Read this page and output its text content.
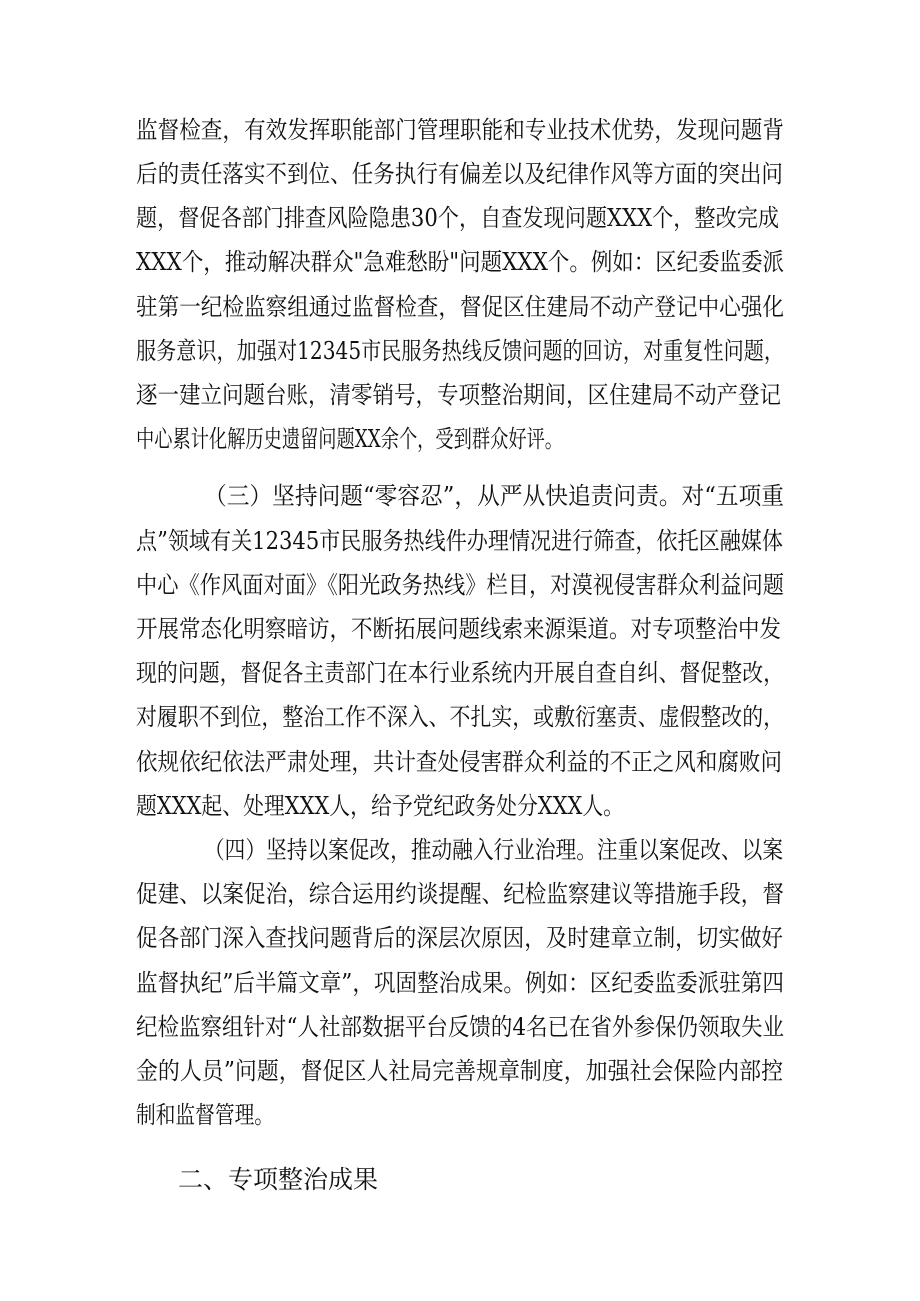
监督检查，有效发挥职能部门管理职能和专业技术优势，发现问题背
后的责任落实不到位、任务执行有偏差以及纪律作风等方面的突出问
题，督促各部门排查风险隐患30个，自查发现问题XXX个，整改完成
XXX个，推动解决群众"急难愁盼"问题XXX个。例如：区纪委监委派
驻第一纪检监察组通过监督检查，督促区住建局不动产登记中心强化
服务意识，加强对12345市民服务热线反馈问题的回访，对重复性问题，
逐一建立问题台账，清零销号，专项整治期间，区住建局不动产登记
中心累计化解历史遗留问题XX余个，受到群众好评。
（三）坚持问题“零容忍”，从严从快追责问责。对“五项重
点”领域有关12345市民服务热线件办理情况进行筛查，依托区融媒体
中心《作风面对面》《阳光政务热线》栏目，对漠视侵害群众利益问题
开展常态化明察暗访，不断拓展问题线索来源渠道。对专项整治中发
现的问题，督促各主责部门在本行业系统内开展自查自纠、督促整改，
对履职不到位，整治工作不深入、不扎实，或敷衍塞责、虚假整改的，
依规依纪依法严肃处理，共计查处侵害群众利益的不正之风和腐败问
题XXX起、处理XXX人，给予党纪政务处分XXX人。
（四）坚持以案促改，推动融入行业治理。注重以案促改、以案
促建、以案促治，综合运用约谈提醒、纪检监察建议等措施手段，督
促各部门深入查找问题背后的深层次原因，及时建章立制，切实做好
监督执纪”后半篇文章”，巩固整治成果。例如：区纪委监委派驻第四
纪检监察组针对“人社部数据平台反馈的4名已在省外参保仍领取失业
金的人员”问题，督促区人社局完善规章制度，加强社会保险内部控
制和监督管理。
二、专项整治成果
